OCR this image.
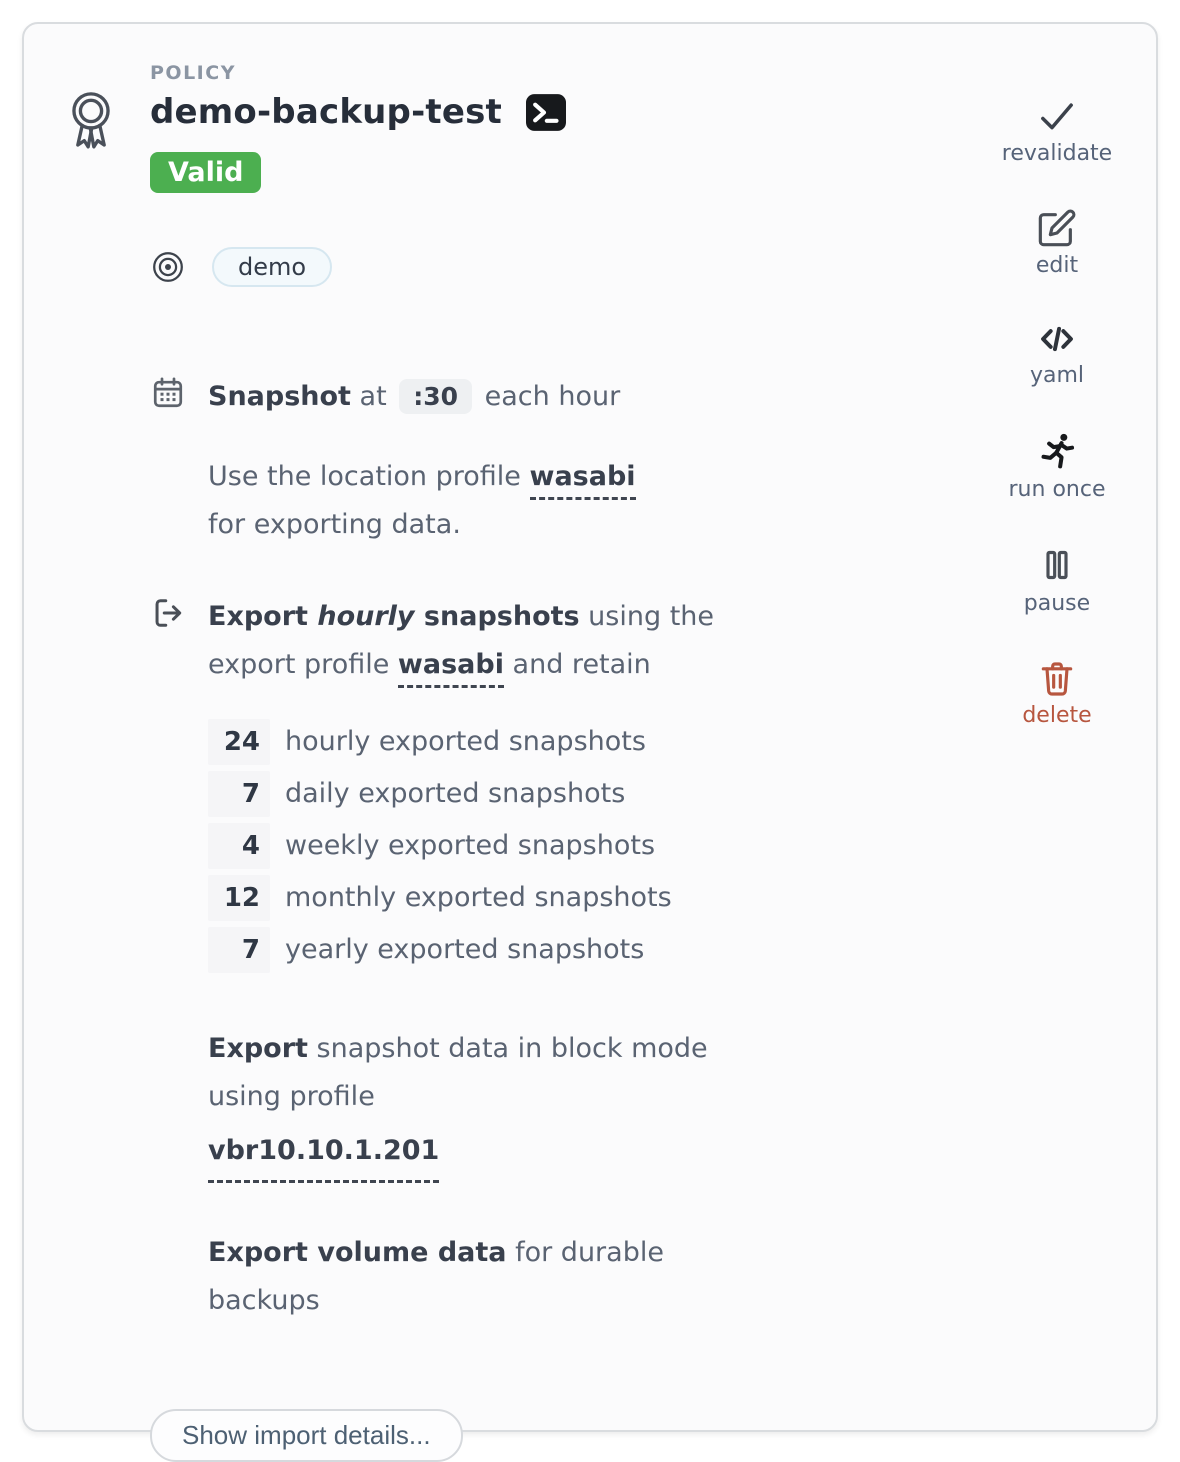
revalidate
edit
yaml
run once
pause
delete
POLICY
demo-backup-test
Valid
demo
Snapshot at :30 each hour
Use the location profile wasabi
for exporting data.
Export hourly snapshots using the export profile wasabi and retain
24 hourly exported snapshots
7 daily exported snapshots
4 weekly exported snapshots
12 monthly exported snapshots
7 yearly exported snapshots
Export snapshot data in block mode using profile
vbr10.10.1.201
Export volume data for durable backups
Show import details...
